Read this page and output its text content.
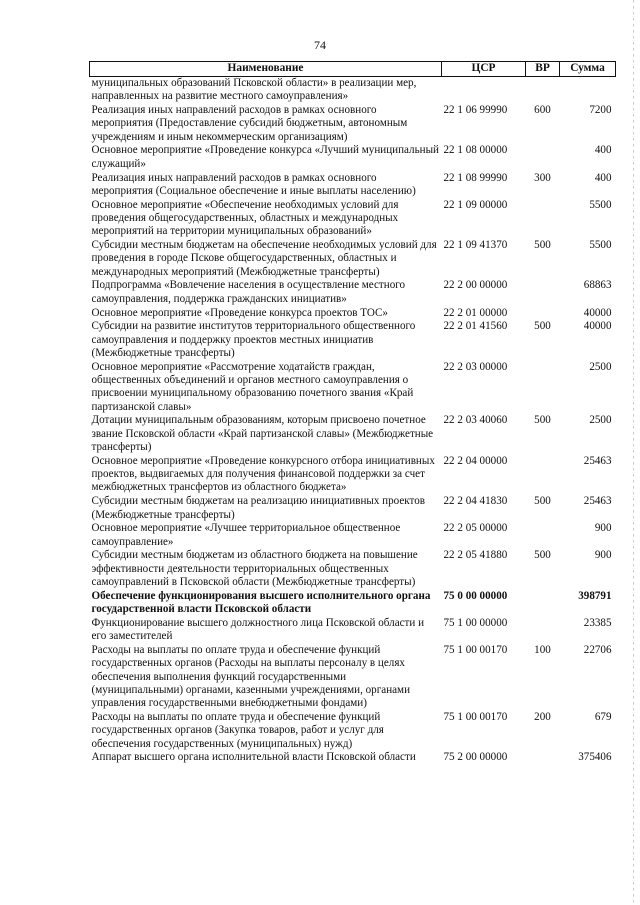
74
Наименование	ЦСР	ВР	Сумма
муниципальных образований Псковской области» в реализации мер, направленных на развитие местного самоуправления»			
Реализация иных направлений расходов в рамках основного мероприятия (Предоставление субсидий бюджетным, автономным учреждениям и иным некоммерческим организациям)	22 1 06 99990	600	7200
Основное мероприятие «Проведение конкурса «Лучший муниципальный служащий»	22 1 08 00000		400
Реализация иных направлений расходов в рамках основного мероприятия (Социальное обеспечение и иные выплаты населению)	22 1 08 99990	300	400
Основное мероприятие «Обеспечение необходимых условий для проведения общегосударственных, областных и международных мероприятий на территории муниципальных образований»	22 1 09 00000		5500
Субсидии местным бюджетам на обеспечение необходимых условий для проведения в городе Пскове общегосударственных, областных и международных мероприятий (Межбюджетные трансферты)	22 1 09 41370	500	5500
Подпрограмма «Вовлечение населения в осуществление местного самоуправления, поддержка гражданских инициатив»	22 2 00 00000		68863
Основное мероприятие «Проведение конкурса проектов ТОС»	22 2 01 00000		40000
Субсидии на развитие институтов территориального общественного самоуправления и поддержку проектов местных инициатив (Межбюджетные трансферты)	22 2 01 41560	500	40000
Основное мероприятие «Рассмотрение ходатайств граждан, общественных объединений и органов местного самоуправления о присвоении муниципальному образованию почетного звания «Край партизанской славы»	22 2 03 00000		2500
Дотации муниципальным образованиям, которым присвоено почетное звание Псковской области «Край партизанской славы» (Межбюджетные трансферты)	22 2 03 40060	500	2500
Основное мероприятие «Проведение конкурсного отбора инициативных проектов, выдвигаемых для получения финансовой поддержки за счет межбюджетных трансфертов из областного бюджета»	22 2 04 00000		25463
Субсидии местным бюджетам на реализацию инициативных проектов (Межбюджетные трансферты)	22 2 04 41830	500	25463
Основное мероприятие «Лучшее территориальное общественное самоуправление»	22 2 05 00000		900
Субсидии местным бюджетам из областного бюджета на повышение эффективности деятельности территориальных общественных самоуправлений в Псковской области (Межбюджетные трансферты)	22 2 05 41880	500	900
Обеспечение функционирования высшего исполнительного органа государственной власти Псковской области	75 0 00 00000		398791
Функционирование высшего должностного лица Псковской области и его заместителей	75 1 00 00000		23385
Расходы на выплаты по оплате труда и обеспечение функций государственных органов (Расходы на выплаты персоналу в целях обеспечения выполнения функций государственными (муниципальными) органами, казенными учреждениями, органами управления государственными внебюджетными фондами)	75 1 00 00170	100	22706
Расходы на выплаты по оплате труда и обеспечение функций государственных органов (Закупка товаров, работ и услуг для обеспечения государственных (муниципальных) нужд)	75 1 00 00170	200	679
Аппарат высшего органа исполнительной власти Псковской области	75 2 00 00000		375406
